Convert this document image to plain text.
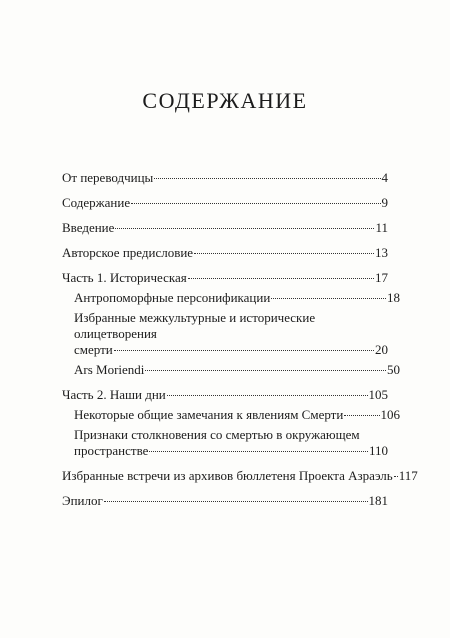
СОДЕРЖАНИЕ
От переводчицы	4
Содержание	9
Введение	11
Авторское предисловие	13
Часть 1. Историческая	17
Антропоморфные персонификации	18
Избранные межкультурные и исторические олицетворения
смерти	20
Ars Moriendi	50
Часть 2. Наши дни	105
Некоторые общие замечания к явлениям Смерти	106
Признаки столкновения со смертью в окружающем
пространстве	110
Избранные встречи из архивов бюллетеня Проекта Азраэль 117
Эпилог	181
